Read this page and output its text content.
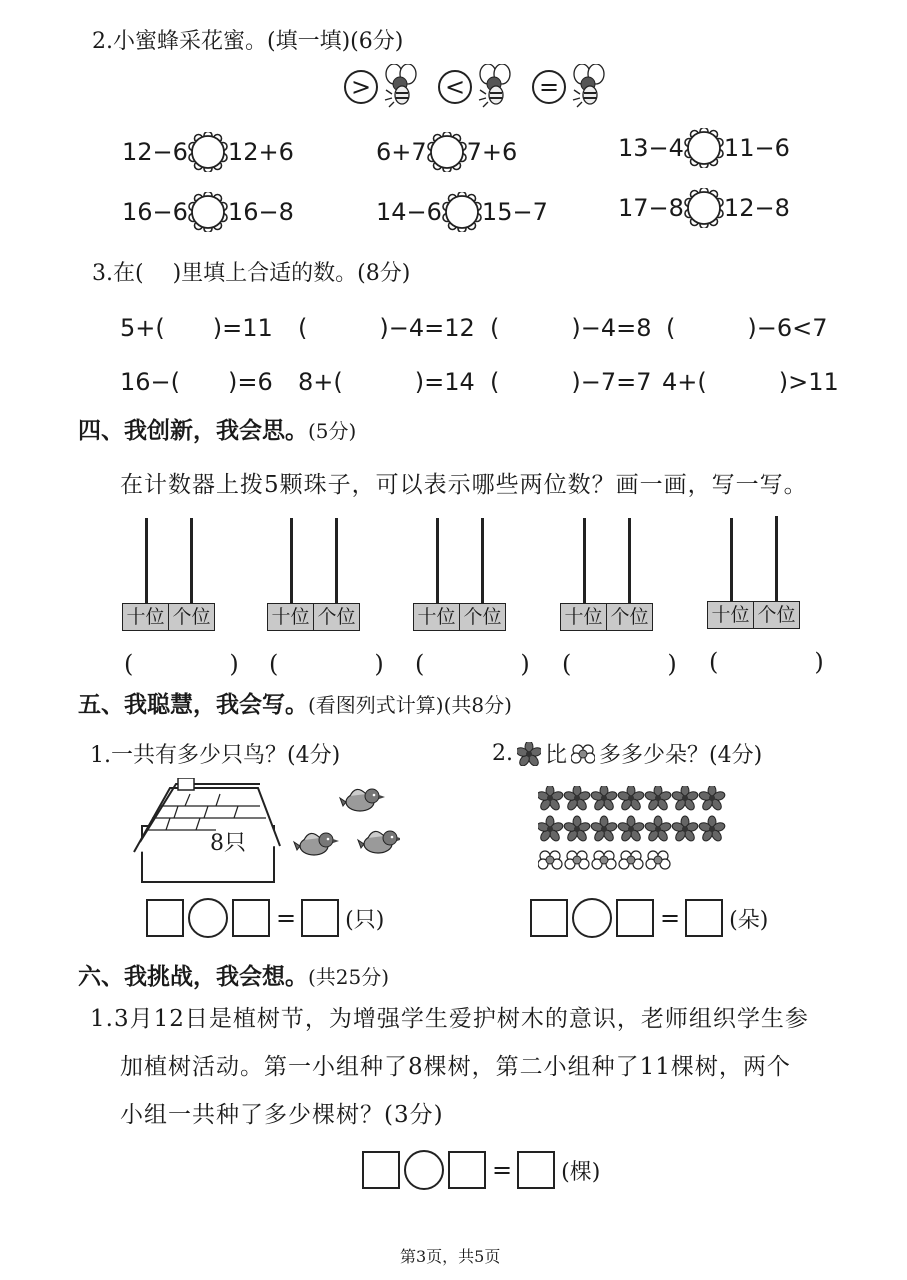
2.小蜜蜂采花蜜。(填一填)(6分)
>	<	=
12−6 12+6	6+7 7+6	13−4 11−6
16−6 16−8	14−6 15−7	17−8 12−8
3.在(　 )里填上合适的数。(8分)
5+(　　)=11 (　　　)−4=12 (　　　)−4=8 (　　　)−6<7
16−(　　)=6 8+(　　　)=14 (　　　)−7=7 4+(　　　)>11
四、我创新，我会思。(5分)
在计数器上拨5颗珠子，可以表示哪些两位数？画一画，写一写。
十位 个位
(　　　　)
十位 个位
(　　　　)
十位 个位
(　　　　)
十位 个位
(　　　　)
十位 个位
(　　　　)
五、我聪慧，我会写。(看图列式计算)(共8分)
1.一共有多少只鸟？(4分)
8只
= (只)
2. 比 多多少朵？(4分)
= (朵)
六、我挑战，我会想。(共25分)
1.3月12日是植树节，为增强学生爱护树木的意识，老师组织学生参
加植树活动。第一小组种了8棵树，第二小组种了11棵树，两个
小组一共种了多少棵树？(3分)
= (棵)
第3页，共5页
